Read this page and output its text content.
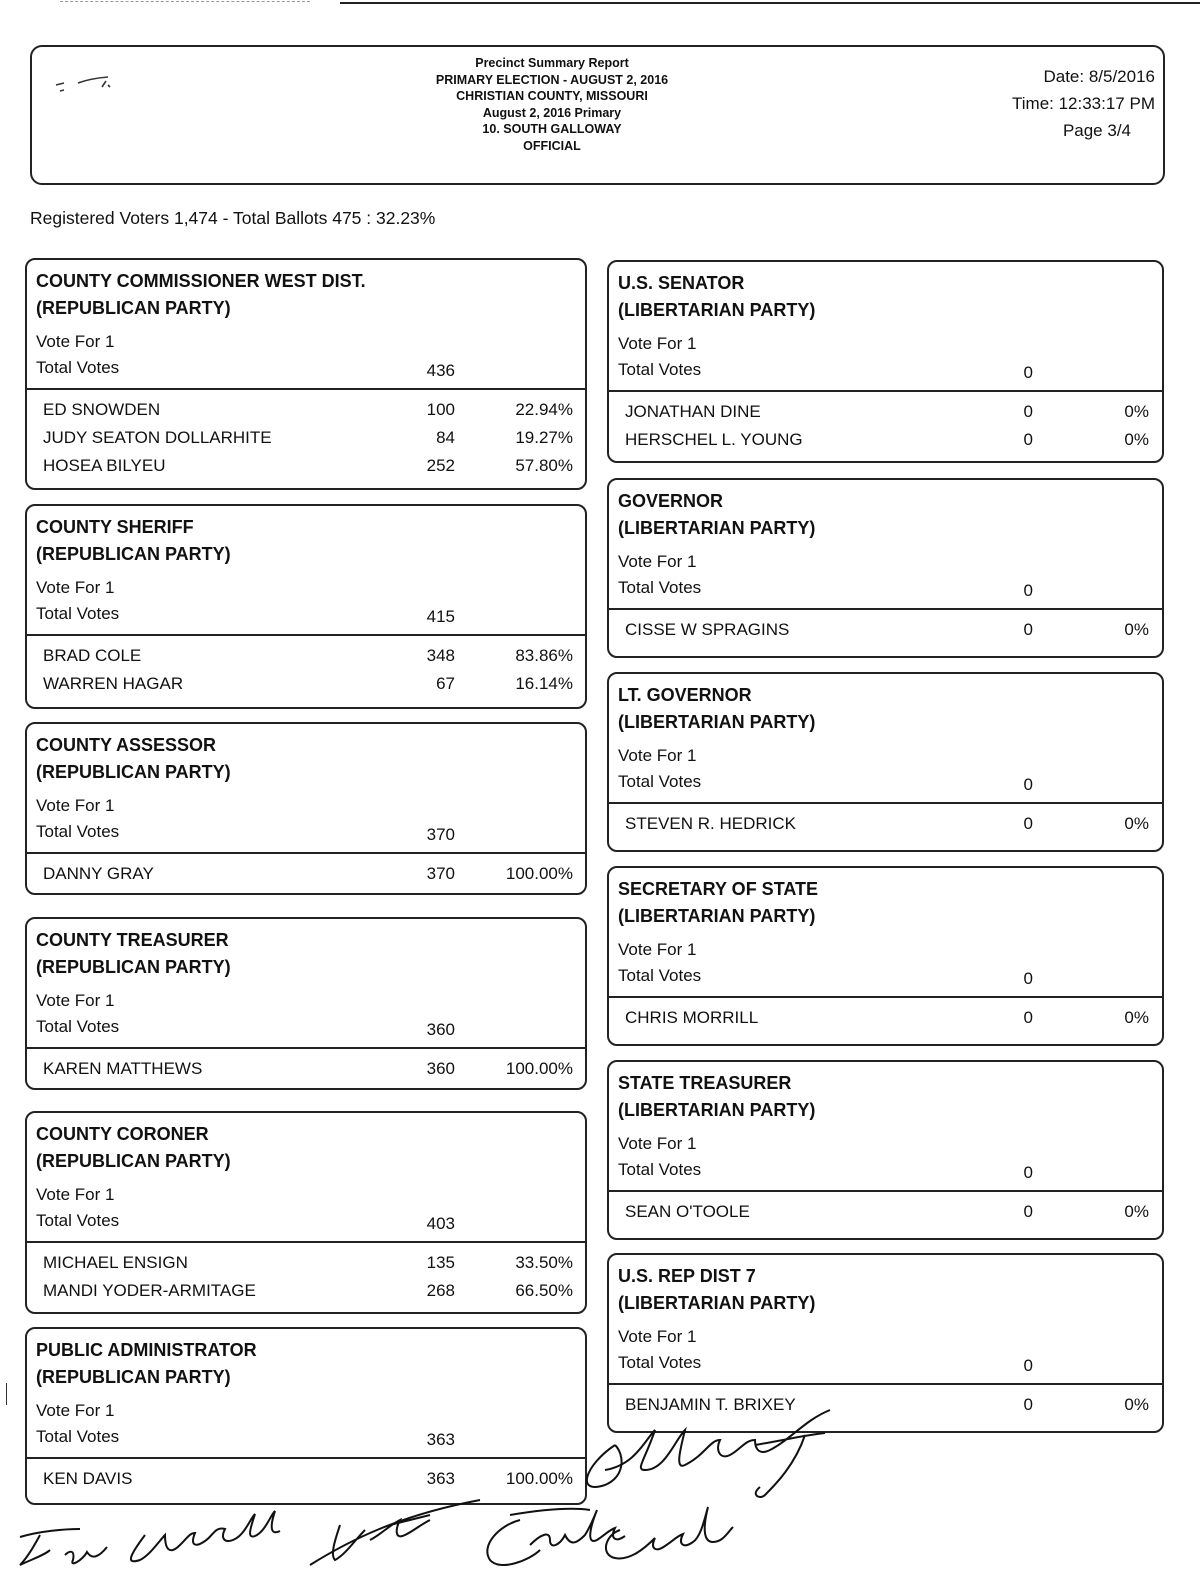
Precinct Summary Report
PRIMARY ELECTION - AUGUST 2, 2016
CHRISTIAN COUNTY, MISSOURI
August 2, 2016 Primary
10. SOUTH GALLOWAY
OFFICIAL
Date: 8/5/2016
Time: 12:33:17 PM
Page 3/4
Registered Voters 1,474 - Total Ballots 475 : 32.23%
COUNTY COMMISSIONER WEST DIST.
(REPUBLICAN PARTY)
Vote For 1
Total Votes	436
ED SNOWDEN	100	22.94%
JUDY SEATON DOLLARHITE	84	19.27%
HOSEA BILYEU	252	57.80%
COUNTY SHERIFF
(REPUBLICAN PARTY)
Vote For 1
Total Votes	415
BRAD COLE	348	83.86%
WARREN HAGAR	67	16.14%
COUNTY ASSESSOR
(REPUBLICAN PARTY)
Vote For 1
Total Votes	370
DANNY GRAY	370	100.00%
COUNTY TREASURER
(REPUBLICAN PARTY)
Vote For 1
Total Votes	360
KAREN MATTHEWS	360	100.00%
COUNTY CORONER
(REPUBLICAN PARTY)
Vote For 1
Total Votes	403
MICHAEL ENSIGN	135	33.50%
MANDI YODER-ARMITAGE	268	66.50%
PUBLIC ADMINISTRATOR
(REPUBLICAN PARTY)
Vote For 1
Total Votes	363
KEN DAVIS	363	100.00%
U.S. SENATOR
(LIBERTARIAN PARTY)
Vote For 1
Total Votes	0
JONATHAN DINE	0	0%
HERSCHEL L. YOUNG	0	0%
GOVERNOR
(LIBERTARIAN PARTY)
Vote For 1
Total Votes	0
CISSE W SPRAGINS	0	0%
LT. GOVERNOR
(LIBERTARIAN PARTY)
Vote For 1
Total Votes	0
STEVEN R. HEDRICK	0	0%
SECRETARY OF STATE
(LIBERTARIAN PARTY)
Vote For 1
Total Votes	0
CHRIS MORRILL	0	0%
STATE TREASURER
(LIBERTARIAN PARTY)
Vote For 1
Total Votes	0
SEAN O'TOOLE	0	0%
U.S. REP DIST 7
(LIBERTARIAN PARTY)
Vote For 1
Total Votes	0
BENJAMIN T. BRIXEY	0	0%
